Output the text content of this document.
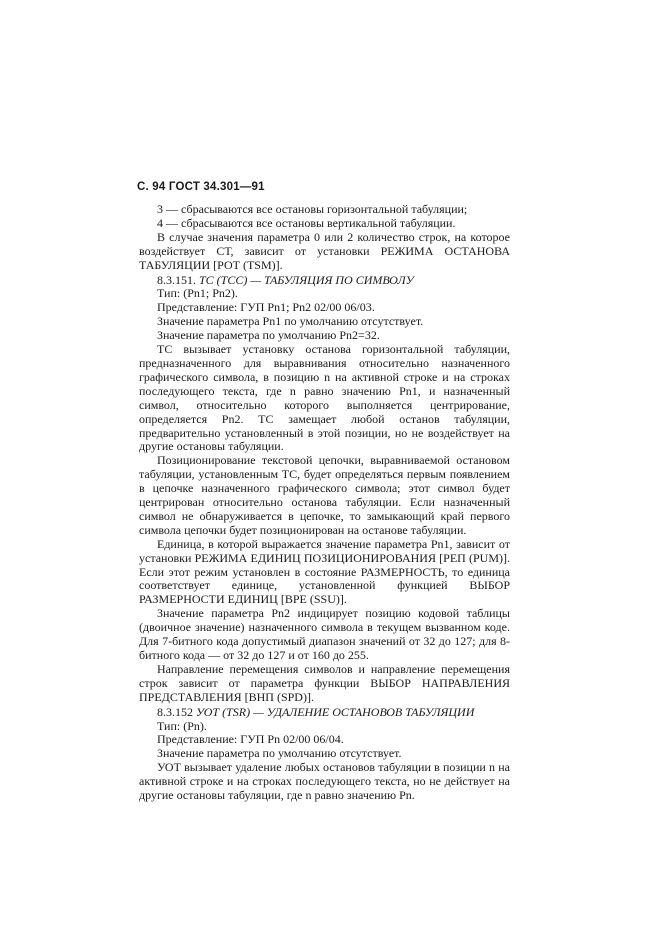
С. 94 ГОСТ 34.301—91

3 — сбрасываются все остановы горизонтальной табуляции;

4 — сбрасываются все остановы вертикальной табуляции.

В случае значения параметра 0 или 2 количество строк, на которое воздействует СТ, зависит от установки РЕЖИМА ОСТАНОВА ТАБУЛЯЦИИ [РОТ (TSM)].

8.3.151. ТС (TCC) — ТАБУЛЯЦИЯ ПО СИМВОЛУ

Тип: (Pn1; Pn2).

Представление: ГУП Pn1; Pn2 02/00 06/03.

Значение параметра Pn1 по умолчанию отсутствует.

Значение параметра по умолчанию Pn2=32.

ТС вызывает установку останова горизонтальной табуляции, предназначенного для выравнивания относительно назначенного графического символа, в позицию n на активной строке и на строках последующего текста, где n равно значению Pn1, и назначенный символ, относительно которого выполняется центрирование, определяется Pn2. ТС замещает любой останов табуляции, предварительно установленный в этой позиции, но не воздействует на другие остановы табуляции.

Позиционирование текстовой цепочки, выравниваемой остановом табуляции, установленным ТС, будет определяться первым появлением в цепочке назначенного графического символа; этот символ будет центрирован относительно останова табуляции. Если назначенный символ не обнаруживается в цепочке, то замыкающий край первого символа цепочки будет позиционирован на останове табуляции.

Единица, в которой выражается значение параметра Pn1, зависит от установки РЕЖИМА ЕДИНИЦ ПОЗИЦИОНИРОВАНИЯ [РЕП (PUM)]. Если этот режим установлен в состояние РАЗМЕРНОСТЬ, то единица соответствует единице, установленной функцией ВЫБОР РАЗМЕРНОСТИ ЕДИНИЦ [ВРЕ (SSU)].

Значение параметра Pn2 индицирует позицию кодовой таблицы (двоичное значение) назначенного символа в текущем вызванном коде. Для 7-битного кода допустимый диапазон значений от 32 до 127; для 8-битного кода — от 32 до 127 и от 160 до 255.

Направление перемещения символов и направление перемещения строк зависит от параметра функции ВЫБОР НАПРАВЛЕНИЯ ПРЕДСТАВЛЕНИЯ [ВНП (SPD)].

8.3.152 УОТ (TSR) — УДАЛЕНИЕ ОСТАНОВОВ ТАБУЛЯЦИИ

Тип: (Pn).

Представление: ГУП Pn 02/00 06/04.

Значение параметра по умолчанию отсутствует.

УОТ вызывает удаление любых остановов табуляции в позиции n на активной строке и на строках последующего текста, но не действует на другие остановы табуляции, где n равно значению Pn.
